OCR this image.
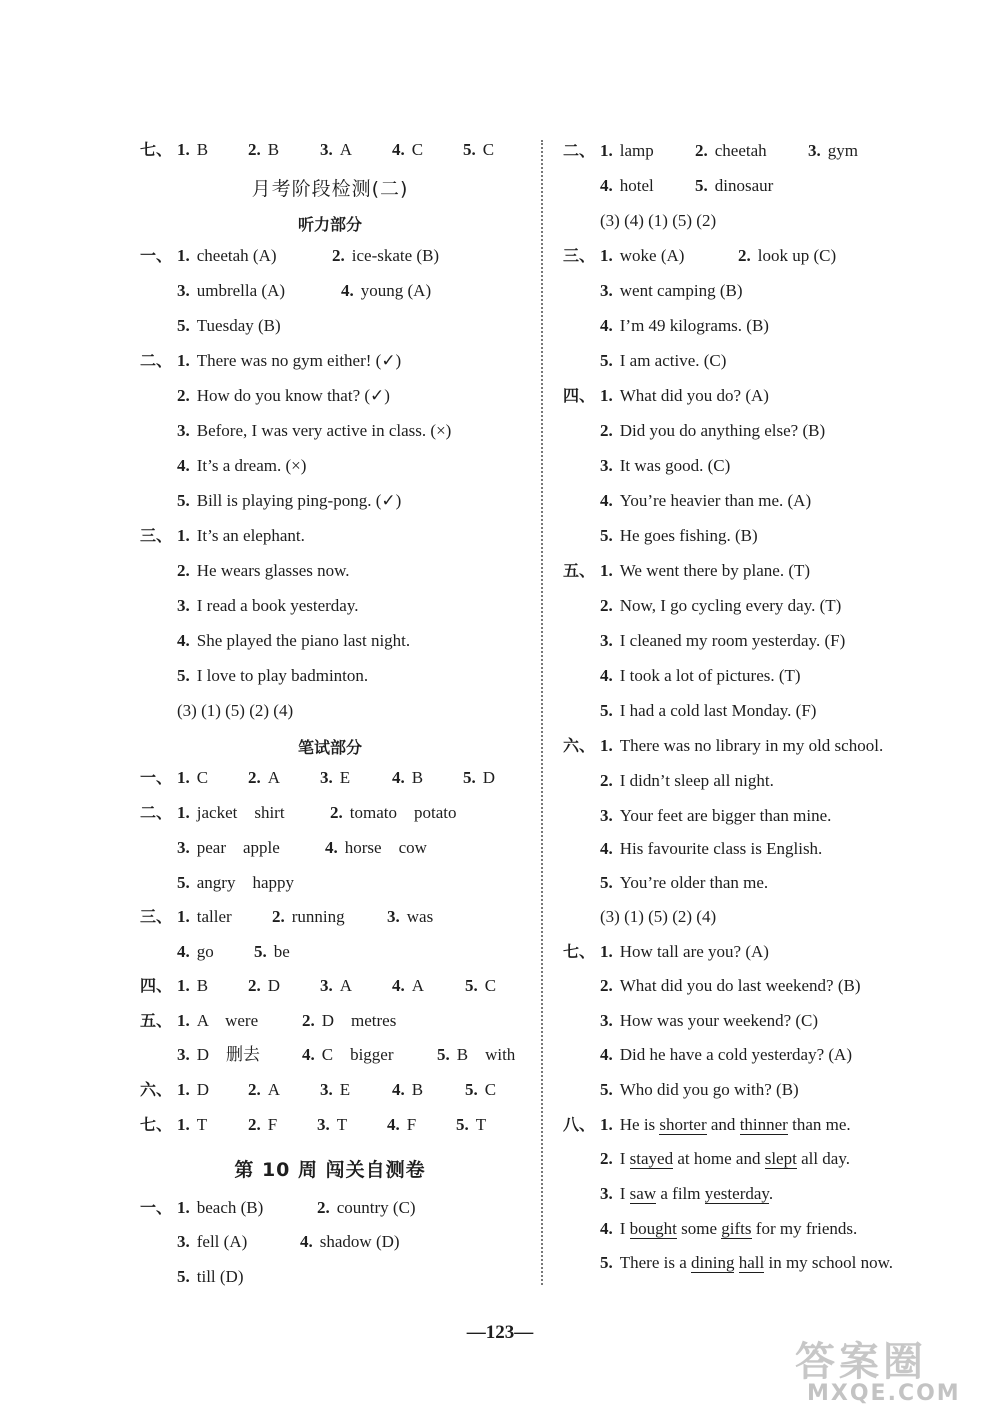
七、 1. B 2. B 3. A 4. C 5. C
月考阶段检测(二)
听力部分
一、 1. cheetah (A)	2. ice-skate (B)
3. umbrella (A)	4. young (A)
5. Tuesday (B)
二、 1. There was no gym either! (✓)
2. How do you know that? (✓)
3. Before, I was very active in class. (×)
4. It’s a dream. (×)
5. Bill is playing ping-pong. (✓)
三、 1. It’s an elephant.
2. He wears glasses now.
3. I read a book yesterday.
4. She played the piano last night.
5. I love to play badminton.
(3) (1) (5) (2) (4)
笔试部分
一、 1. C 2. A 3. E 4. B 5. D
二、 1. jacket    shirt	2. tomato    potato
3. pear    apple	4. horse    cow
5. angry    happy
三、 1. taller 2. running 3. was
4. go 5. be
四、 1. B 2. D 3. A 4. A 5. C
五、 1. A    were	2. D    metres
3. D    删去 4. C    bigger	5. B    with
六、 1. D 2. A 3. E 4. B 5. C
七、 1. T 2. F 3. T 4. F 5. T
第 10 周 闯关自测卷
一、 1. beach (B)	2. country (C)
3. fell (A)	4. shadow (D)
5. till (D)
二、 1. lamp 2. cheetah 3. gym
4. hotel 5. dinosaur
(3) (4) (1) (5) (2)
三、 1. woke (A)	2. look up (C)
3. went camping (B)
4. I’m 49 kilograms. (B)
5. I am active. (C)
四、 1. What did you do? (A)
2. Did you do anything else? (B)
3. It was good. (C)
4. You’re heavier than me. (A)
5. He goes fishing. (B)
五、 1. We went there by plane. (T)
2. Now, I go cycling every day. (T)
3. I cleaned my room yesterday. (F)
4. I took a lot of pictures. (T)
5. I had a cold last Monday. (F)
六、 1. There was no library in my old school.
2. I didn’t sleep all night.
3. Your feet are bigger than mine.
4. His favourite class is English.
5. You’re older than me.
(3) (1) (5) (2) (4)
七、 1. How tall are you? (A)
2. What did you do last weekend? (B)
3. How was your weekend? (C)
4. Did he have a cold yesterday? (A)
5. Who did you go with? (B)
八、 1. He is shorter and thinner than me.
2. I stayed at home and slept all day.
3. I saw a film yesterday.
4. I bought some gifts for my friends.
5. There is a dining hall in my school now.
—123—
答案圈
MXQE.COM
